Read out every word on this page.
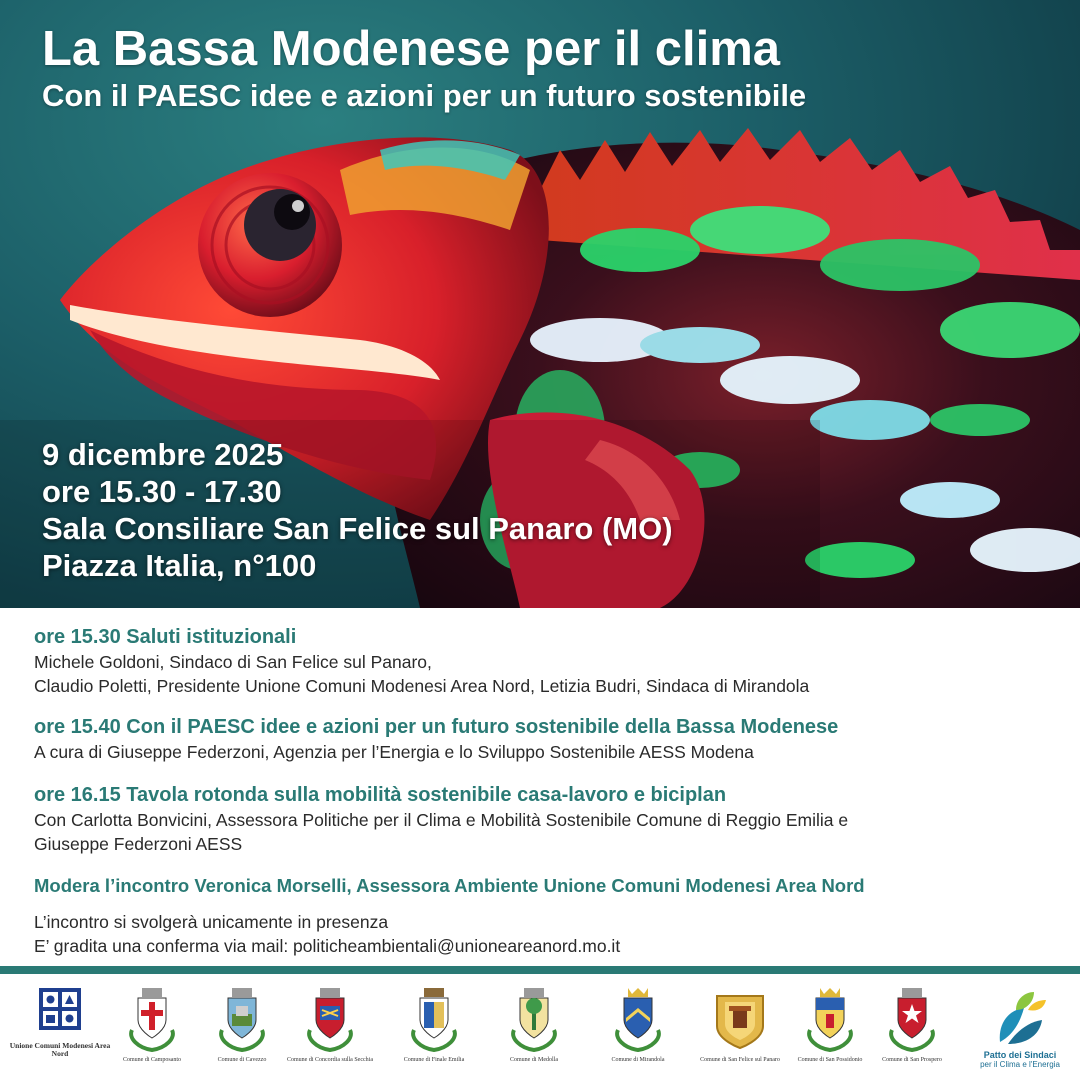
La Bassa Modenese per il clima
Con il PAESC idee e azioni per un futuro sostenibile
9 dicembre 2025
ore 15.30 - 17.30
Sala Consiliare San Felice sul Panaro (MO)
Piazza Italia, n°100
ore 15.30 Saluti istituzionali
Michele Goldoni, Sindaco di San Felice sul Panaro,
Claudio Poletti, Presidente Unione Comuni Modenesi Area Nord, Letizia Budri, Sindaca di Mirandola
ore 15.40 Con il PAESC idee e azioni per un futuro sostenibile della Bassa Modenese
A cura di Giuseppe Federzoni, Agenzia per l’Energia e lo Sviluppo Sostenibile AESS Modena
ore 16.15 Tavola rotonda sulla mobilità sostenibile casa-lavoro e biciplan
Con Carlotta Bonvicini, Assessora Politiche per il Clima e Mobilità Sostenibile Comune di Reggio Emilia e
Giuseppe Federzoni AESS
Modera l’incontro Veronica Morselli, Assessora Ambiente Unione Comuni Modenesi Area Nord
L’incontro si svolgerà unicamente in presenza
E’ gradita una conferma via mail: politicheambientali@unioneareanord.mo.it
Unione Comuni Modenesi Area Nord
Comune di Camposanto	Comune di Cavezzo	Comune di Concordia sulla Secchia	Comune di Finale Emilia	Comune di Medolla	Comune di Mirandola	Comune di San Felice sul Panaro	Comune di San Possidonio	Comune di San Prospero	Patto dei Sindaci
per il Clima e l'Energia
